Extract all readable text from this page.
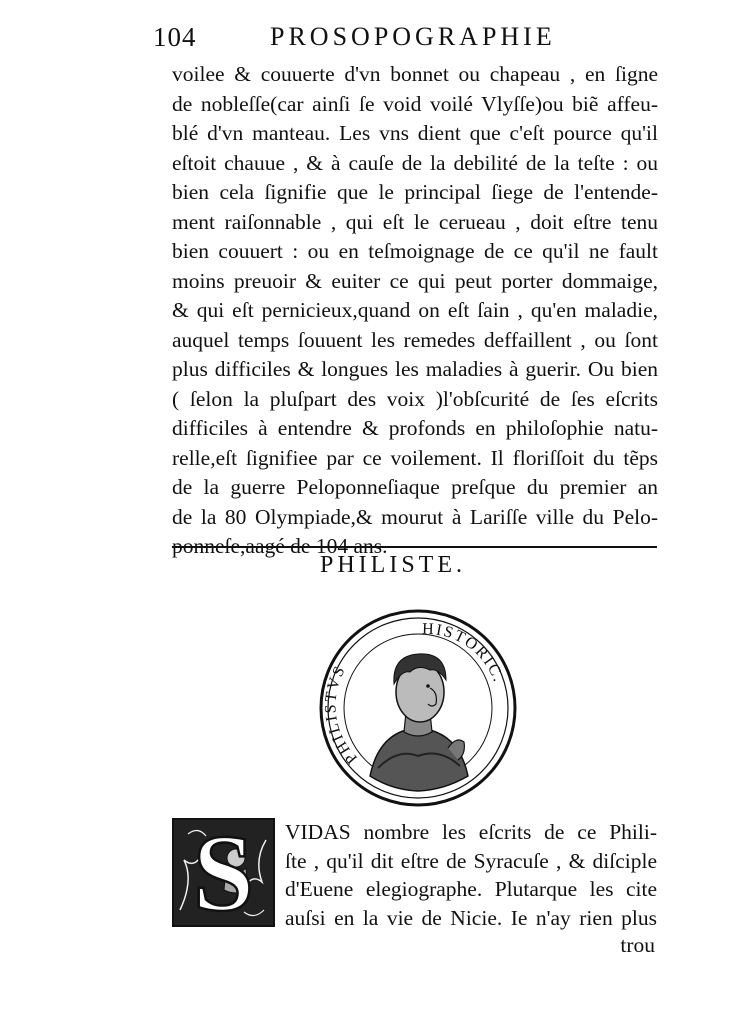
104	PROSOPOGRAPHIE
voilee & couuerte d'vn bonnet ou chapeau , en ſigne
de nobleſſe(car ainſi ſe void voilé Vlyſſe)ou biẽ affeu-
blé d'vn manteau. Les vns dient que c'eſt pource qu'il
eſtoit chauue , & à cauſe de la debilité de la teſte : ou
bien cela ſignifie que le principal ſiege de l'entende-
ment raiſonnable , qui eſt le cerueau , doit eſtre tenu
bien couuert : ou en teſmoignage de ce qu'il ne fault
moins preuoir & euiter ce qui peut porter dommaige,
& qui eſt pernicieux,quand on eſt ſain , qu'en maladie,
auquel temps ſouuent les remedes deffaillent , ou ſont
plus difficiles & longues les maladies à guerir. Ou bien
( ſelon la pluſpart des voix )l'obſcurité de ſes eſcrits
difficiles à entendre & profonds en philoſophie natu-
relle,eſt ſignifiee par ce voilement. Il floriſſoit du tẽps
de la guerre Peloponneſiaque preſque du premier an
de la 80 Olympiade,& mourut à Lariſſe ville du Pelo-
ponneſe,aagé de 104 ans.
PHILISTE.
PHILISTVS
HISTORIC.
S	VIDAS nombre les eſcrits de ce Phili-
ſte , qu'il dit eſtre de Syracuſe , & diſciple
d'Euene elegiographe. Plutarque les cite
auſsi en la vie de Nicie. Ie n'ay rien plus
trou
